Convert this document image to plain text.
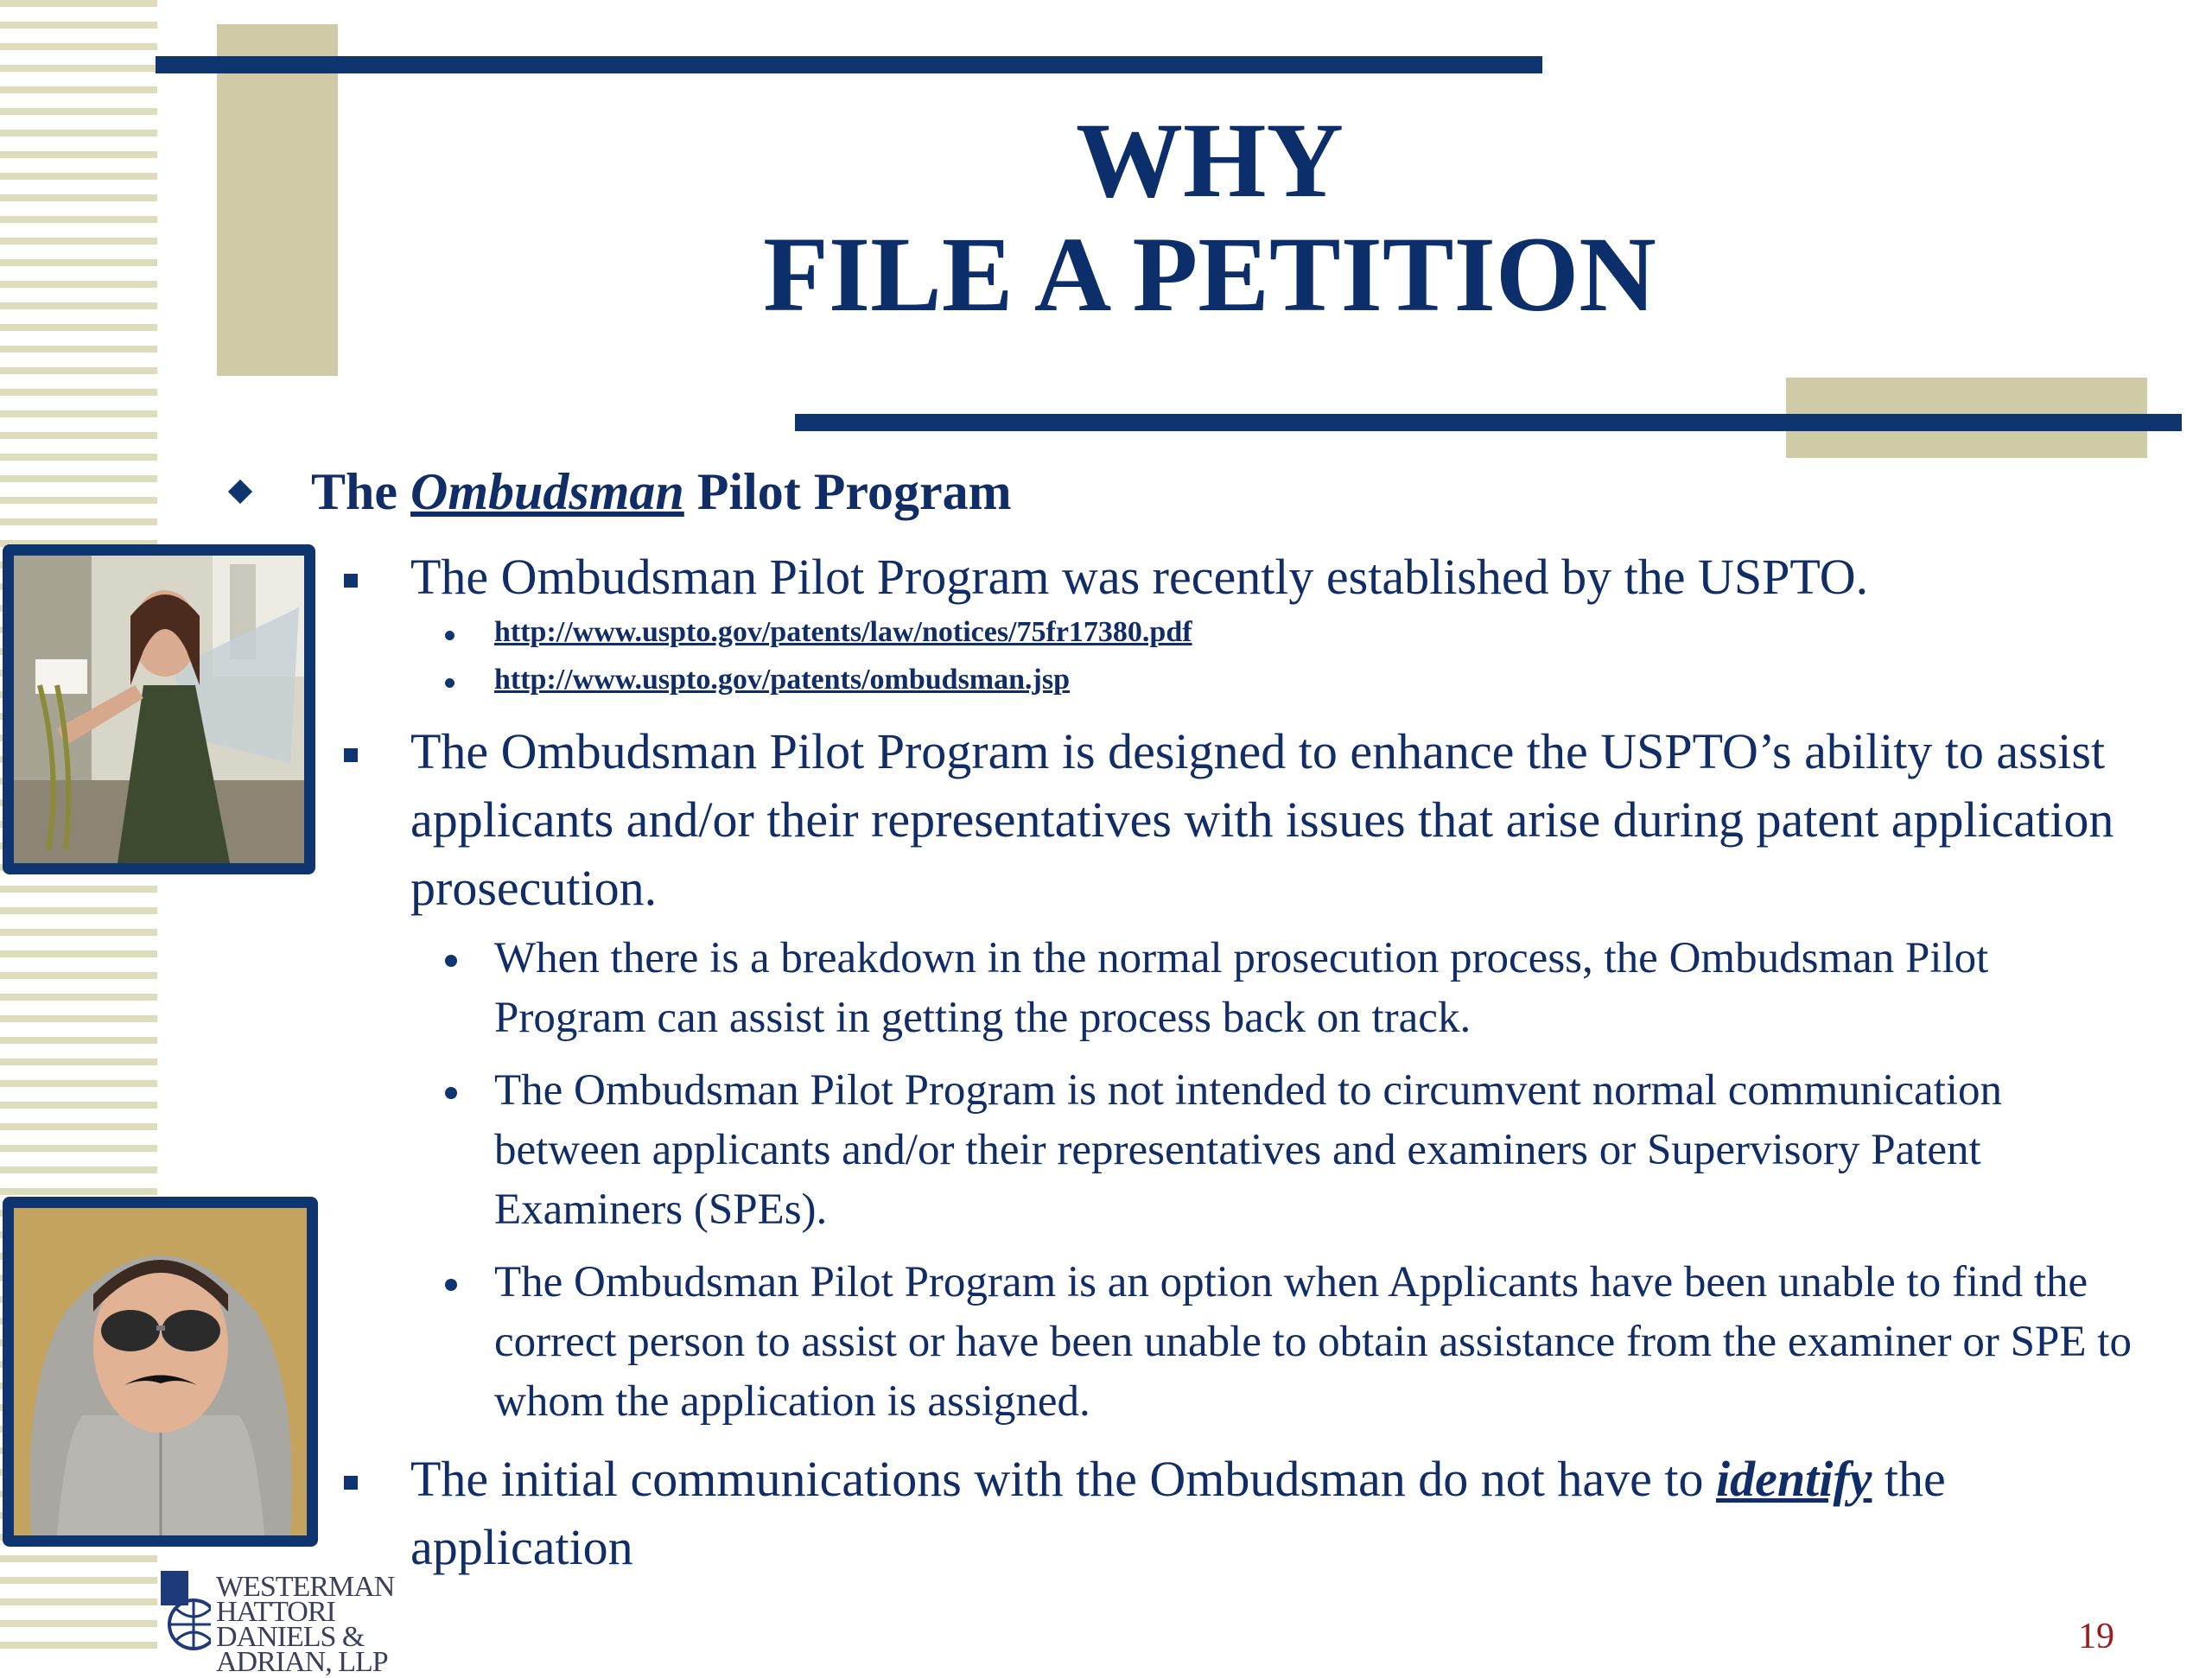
WHY
FILE A PETITION
The Ombudsman Pilot Program
The Ombudsman Pilot Program was recently established by the USPTO.
http://www.uspto.gov/patents/law/notices/75fr17380.pdf
http://www.uspto.gov/patents/ombudsman.jsp
The Ombudsman Pilot Program is designed to enhance the USPTO’s ability to assist applicants and/or their representatives with issues that arise during patent application prosecution.
When there is a breakdown in the normal prosecution process, the Ombudsman Pilot Program can assist in getting the process back on track.
The Ombudsman Pilot Program is not intended to circumvent normal communication between applicants and/or their representatives and examiners or Supervisory Patent Examiners (SPEs).
The Ombudsman Pilot Program is an option when Applicants have been unable to find the correct person to assist or have been unable to obtain assistance from the examiner or SPE to whom the application is assigned.
The initial communications with the Ombudsman do not have to identify the application
WESTERMAN
HATTORI
DANIELS &
ADRIAN, LLP
19
